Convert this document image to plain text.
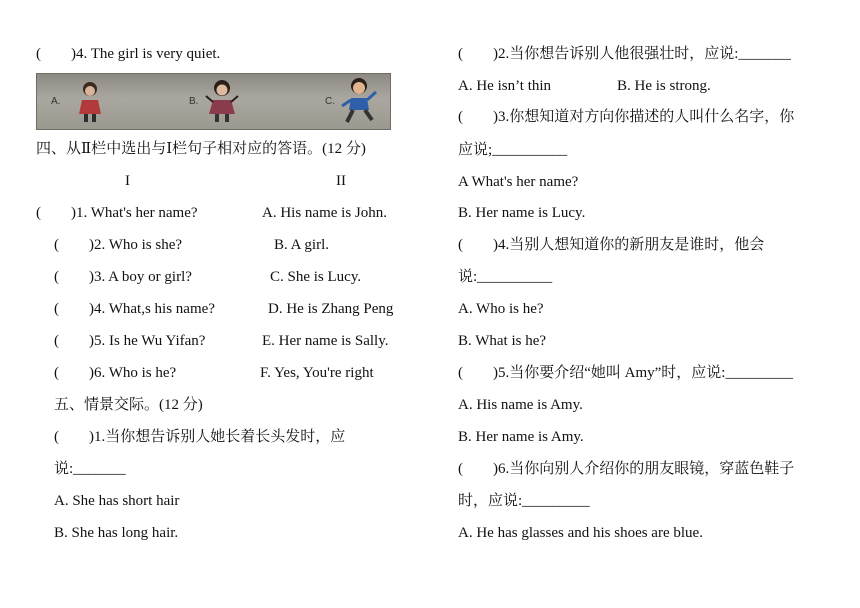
(　　)4. The girl is very quiet.
A.	B.	C.
四、从Ⅱ栏中选出与Ⅰ栏句子相对应的答语。(12 分)
I	II
(　　)1. What's her name?	A. His name is John.
(　　)2. Who is she?	B. A girl.
(　　)3. A boy or girl?	C. She is Lucy.
(　　)4. What,s his name?	D. He is Zhang Peng
(　　)5. Is he Wu Yifan?	E. Her name is Sally.
(　　)6. Who is he?	F. Yes, You're right
五、情景交际。(12 分)
(　　)1.当你想告诉别人她长着长头发时，应
说:_______
A. She has short hair
B. She has long hair.
(　　)2.当你想告诉别人他很强壮时，应说:_______
A. He isn’t thin	B. He is strong.
(　　)3.你想知道对方向你描述的人叫什么名字，你
应说;__________
A What's her name?
B. Her name is Lucy.
(　　)4.当别人想知道你的新朋友是谁时，他会
说:__________
A. Who is he?
B. What is he?
(　　)5.当你要介绍“她叫 Amy”时，应说:_________
A. His name is Amy.
B. Her name is Amy.
(　　)6.当你向别人介绍你的朋友眼镜，穿蓝色鞋子
时，应说:_________
A. He has glasses and his shoes are blue.
